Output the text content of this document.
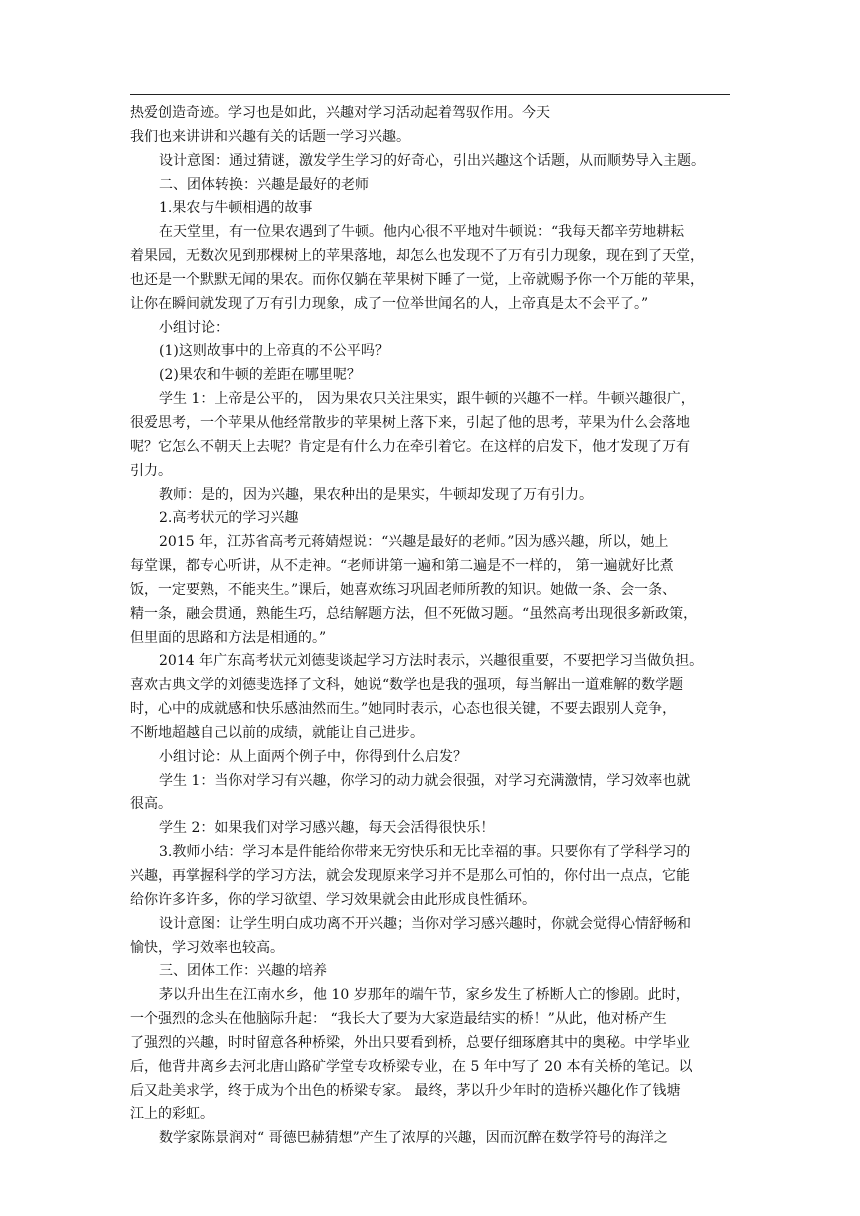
热爱创造奇迹。学习也是如此，兴趣对学习活动起着驾驭作用。今天
我们也来讲讲和兴趣有关的话题一学习兴趣。
设计意图：通过猜谜，激发学生学习的好奇心，引出兴趣这个话题，从而顺势导入主题。
二、团体转换：兴趣是最好的老师
1.果农与牛顿相遇的故事
在天堂里，有一位果农遇到了牛顿。他内心很不平地对牛顿说：“我每天都辛劳地耕耘
着果园，无数次见到那棵树上的苹果落地，却怎么也发现不了万有引力现象，现在到了天堂，
也还是一个默默无闻的果农。而你仅躺在苹果树下睡了一觉，上帝就赐予你一个万能的苹果，
让你在瞬间就发现了万有引力现象，成了一位举世闻名的人，上帝真是太不会平了。”
小组讨论：
(1)这则故事中的上帝真的不公平吗？
(2)果农和牛顿的差距在哪里呢？
学生 1：上帝是公平的， 因为果农只关注果实，跟牛顿的兴趣不一样。牛顿兴趣很广，
很爱思考，一个苹果从他经常散步的苹果树上落下来，引起了他的思考，苹果为什么会落地
呢？它怎么不朝天上去呢？肯定是有什么力在牵引着它。在这样的启发下，他才发现了万有
引力。
教师：是的，因为兴趣，果农种出的是果实，牛顿却发现了万有引力。
2.高考状元的学习兴趣
2015 年，江苏省高考元蒋婧煜说：“兴趣是最好的老师。”因为感兴趣，所以，她上
每堂课，都专心听讲，从不走神。“老师讲第一遍和第二遍是不一样的， 第一遍就好比煮
饭，一定要熟，不能夹生。”课后，她喜欢练习巩固老师所教的知识。她做一条、会一条、
精一条，融会贯通，熟能生巧，总结解题方法，但不死做习题。“虽然高考出现很多新政策，
但里面的思路和方法是相通的。”
2014 年广东高考状元刘德斐谈起学习方法时表示，兴趣很重要，不要把学习当做负担。
喜欢古典文学的刘德斐选择了文科，她说“数学也是我的强项，每当解出一道难解的数学题
时，心中的成就感和快乐感油然而生。”她同时表示，心态也很关键，不要去跟别人竞争，
不断地超越自己以前的成绩，就能让自己进步。
小组讨论：从上面两个例子中，你得到什么启发？
学生 1：当你对学习有兴趣，你学习的动力就会很强，对学习充满激情，学习效率也就
很高。
学生 2：如果我们对学习感兴趣，每天会活得很快乐！
3.教师小结：学习本是件能给你带来无穷快乐和无比幸福的事。只要你有了学科学习的
兴趣，再掌握科学的学习方法，就会发现原来学习并不是那么可怕的，你付出一点点，它能
给你许多许多，你的学习欲望、学习效果就会由此形成良性循环。
设计意图：让学生明白成功离不开兴趣；当你对学习感兴趣时，你就会觉得心情舒畅和
愉快，学习效率也较高。
三、团体工作：兴趣的培养
茅以升出生在江南水乡，他 10 岁那年的端午节，家乡发生了桥断人亡的惨剧。此时，
一个强烈的念头在他脑际升起： “我长大了要为大家造最结实的桥！”从此，他对桥产生
了强烈的兴趣，时时留意各种桥梁，外出只要看到桥，总要仔细琢磨其中的奥秘。中学毕业
后，他背井离乡去河北唐山路矿学堂专攻桥梁专业，在 5 年中写了 20 本有关桥的笔记。以
后又赴美求学，终于成为个出色的桥梁专家。 最终，茅以升少年时的造桥兴趣化作了钱塘
江上的彩虹。
数学家陈景润对“ 哥德巴赫猜想”产生了浓厚的兴趣，因而沉醉在数学符号的海洋之
